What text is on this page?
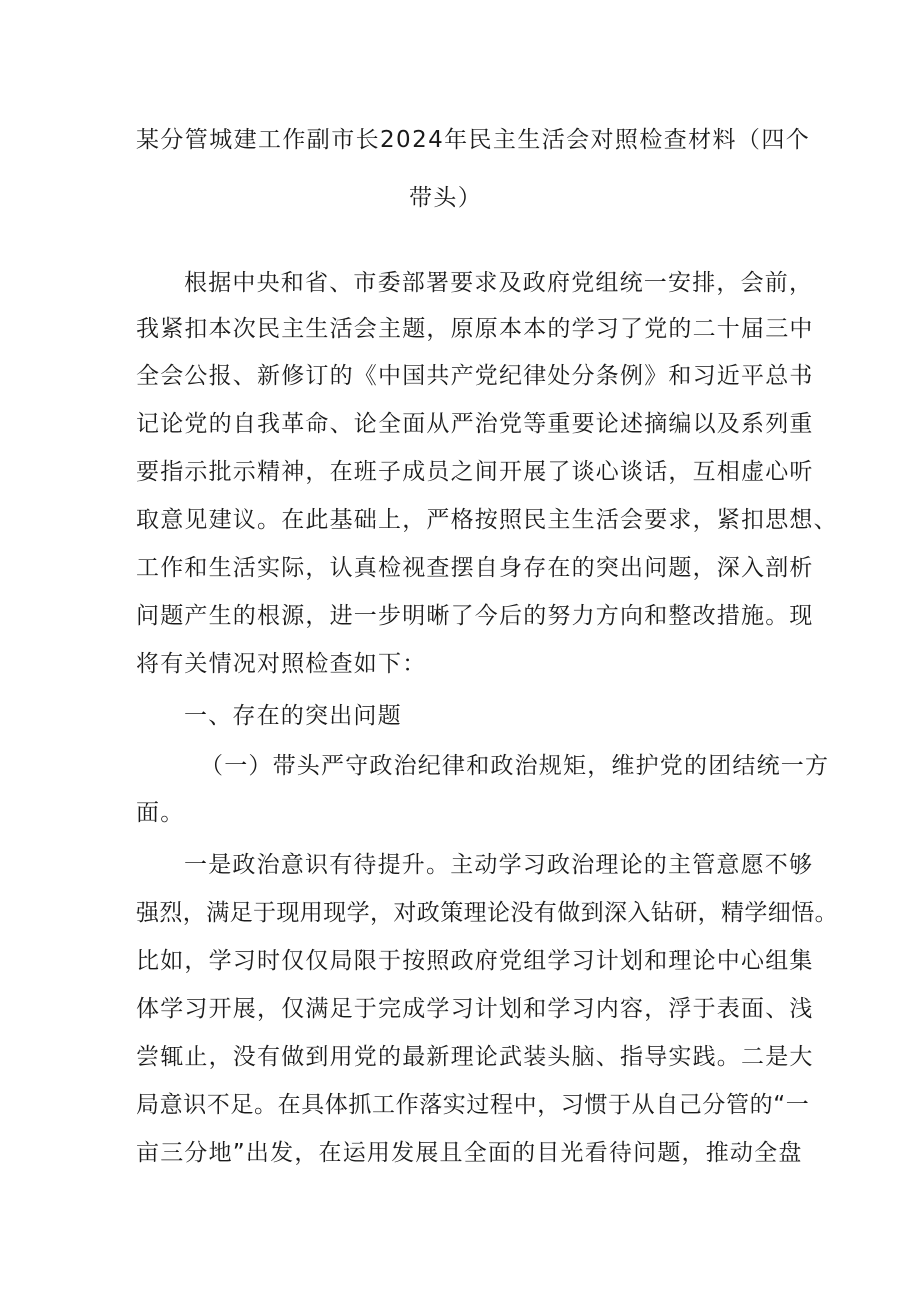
某分管城建工作副市长2024年民主生活会对照检查材料（四个

带头）

根据中央和省、市委部署要求及政府党组统一安排，会前，

我紧扣本次民主生活会主题，原原本本的学习了党的二十届三中

全会公报、新修订的《中国共产党纪律处分条例》和习近平总书

记论党的自我革命、论全面从严治党等重要论述摘编以及系列重

要指示批示精神，在班子成员之间开展了谈心谈话，互相虚心听

取意见建议。在此基础上，严格按照民主生活会要求，紧扣思想、

工作和生活实际，认真检视查摆自身存在的突出问题，深入剖析

问题产生的根源，进一步明晰了今后的努力方向和整改措施。现

将有关情况对照检查如下：

一、存在的突出问题

（一）带头严守政治纪律和政治规矩，维护党的团结统一方

面。

一是政治意识有待提升。主动学习政治理论的主管意愿不够

强烈，满足于现用现学，对政策理论没有做到深入钻研，精学细悟。

比如，学习时仅仅局限于按照政府党组学习计划和理论中心组集

体学习开展，仅满足于完成学习计划和学习内容，浮于表面、浅

尝辄止，没有做到用党的最新理论武装头脑、指导实践。二是大

局意识不足。在具体抓工作落实过程中，习惯于从自己分管的“一

亩三分地”出发，在运用发展且全面的目光看待问题，推动全盘
